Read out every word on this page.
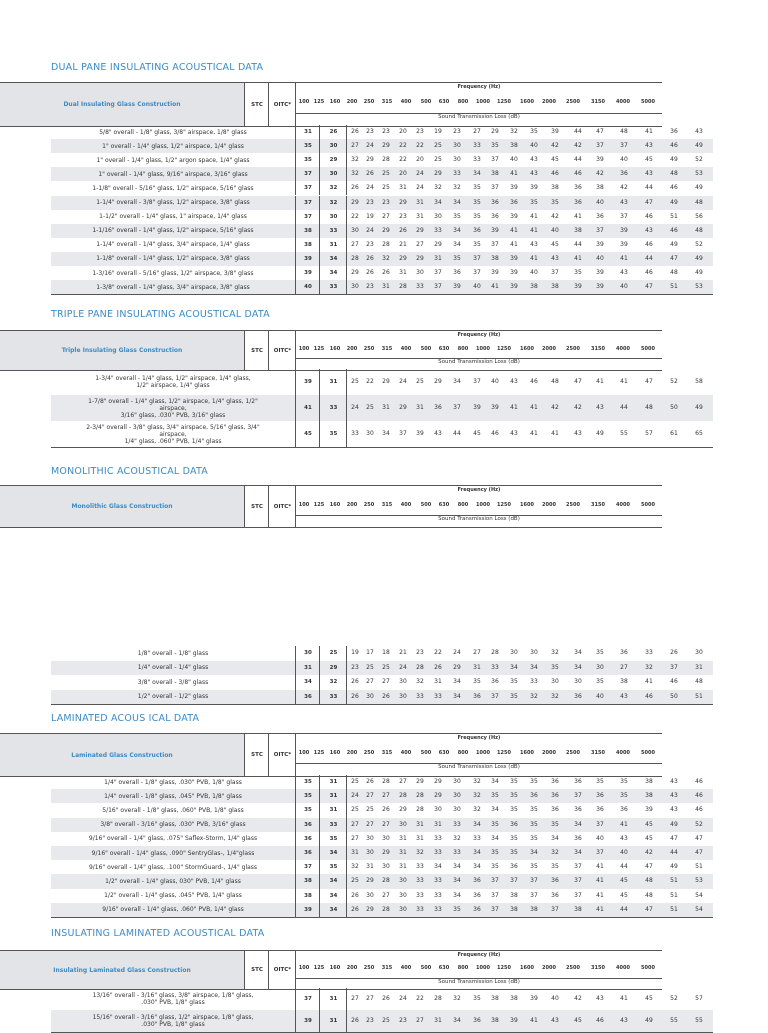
DUAL PANE INSULATING ACOUSTICAL DATA
Dual Insulating Glass Construction	STC	OITC*
Frequency (Hz)
100 125 160 200 250 315 400 500 630 800 1000 1250 1600 2000 2500 3150 4000 5000
Sound Transmission Loss (dB)
5/8" overall - 1/8" glass, 3/8" airspace, 1/8" glass	31	26	26 23 23 20 23 19 23 27 29 32 35 39	44 47	48	41	36	43
1" overall - 1/4" glass, 1/2" airspace, 1/4" glass	35	30	27 24 29 22 22 25 30 33 35 38 40 42	42 37	37	43	46	49
1" overall - 1/4" glass, 1/2" argon space, 1/4" glass	35	29	32 29 28 22 20 25 30 33 37 40 43 45	44 39	40	45	49	52
1" overall - 1/4" glass, 9/16" airspace, 3/16" glass	37	30	32 26 25 20 24 29 33 34 38 41 43 46	46 42	36	43	48	53
1-1/8" overall - 5/16" glass, 1/2" airspace, 5/16" glass	37	32	26 24 25 31 24 32 32 35 37 39 39 38	36 38	42	44	46	49
1-1/4" overall - 3/8" glass, 1/2" airspace, 3/8" glass	37	32	29 23 23 29 31 34 34 35 36 36 35 35	36 40	43	47	49	48
1-1/2" overall - 1/4" glass, 1" airspace, 1/4" glass	37	30	22 19 27 23 31 30 35 35 36 39 41 42	41 36	37	46	51	56
1-1/16" overall - 1/4" glass, 1/2" airspace, 5/16" glass	38	33	30 24 29 26 29 33 34 36 39 41 41 40	38 37	39	43	46	48
1-1/4" overall - 1/4" glass, 3/4" airspace, 1/4" glass	38	31	27 23 28 21 27 29 34 35 37 41 43 45	44 39	39	46	49	52
1-1/8" overall - 1/4" glass, 1/2" airspace, 3/8" glass	39	34	28 26 32 29 29 31 35 37 38 39 41 43	41 40	41	44	47	49
1-3/16" overall - 5/16" glass, 1/2" airspace, 3/8" glass	39	34	29 26 26 31 30 37 36 37 39 39 40 37	35 39	43	46	48	49
1-3/8" overall - 1/4" glass, 3/4" airspace, 3/8" glass	40	33	30 23 31 28 33 37 39 40 41 39 38 38	39 39	40	47	51	53
TRIPLE PANE INSULATING ACOUSTICAL DATA
Triple Insulating Glass Construction	STC	OITC*
Frequency (Hz)
100 125 160 200 250 315 400 500 630 800 1000 1250 1600 2000 2500 3150 4000 5000
Sound Transmission Loss (dB)
1-3/4" overall - 1/4" glass, 1/2" airspace, 1/4" glass,
1/2" airspace, 1/4" glass	39	31	25 22 29 24 25 29 34 37 40 43 46 48	47 41	41	47	52	58
1-7/8" overall - 1/4" glass, 1/2" airspace, 1/4" glass, 1/2"
airspace,
3/16" glass, .030" PVB, 3/16" glass
41	33	24 25 31 29 31 36 37 39 39 41 41 42	42 43	44	48	50	49
2-3/4" overall - 3/8" glass, 3/4" airspace, 5/16" glass, 3/4"
airspace,
1/4" glass, .060" PVB, 1/4" glass
45	35	33 30 34 37 39 43 44 45 46 43 41 41	43 49	55	57	61	65
MONOLITHIC ACOUSTICAL DATA
Monolithic Glass Construction	STC	OITC*
Frequency (Hz)
100 125 160 200 250 315 400 500 630 800 1000 1250 1600 2000 2500 3150 4000 5000
Sound Transmission Loss (dB)
1/8" overall - 1/8" glass	30	25	19 17 18 21 23 22 24 27 28 30 30 32	34 35	36	33	26	30
1/4" overall - 1/4" glass	31	29	23 25 25 24 28 26 29 31 33 34 34 35	34 30	27	32	37	31
3/8" overall - 3/8" glass	34	32	26 27 27 30 32 31 34 35 36 35 33 30	30 35	38	41	46	48
1/2" overall - 1/2" glass	36	33	26 30 26 30 33 33 34 36 37 35 32 32	36 40	43	46	50	51
LAMINATED ACOUS ICAL DATA
Laminated Glass Construction	STC	OITC*
Frequency (Hz)
100 125 160 200 250 315 400 500 630 800 1000 1250 1600 2000 2500 3150 4000 5000
Sound Transmission Loss (dB)
1/4" overall - 1/8" glass, .030" PVB, 1/8" glass	35	31	25 26 28 27 29 29 30 32 34 35 35 36	36 35	35	38	43	46
1/4" overall - 1/8" glass, .045" PVB, 1/8" glass	35	31	24 27 27 28 28 29 30 32 35 35 36 36	37 36	35	38	43	46
5/16" overall - 1/8" glass, .060" PVB, 1/8" glass	35	31	25 25 26 29 28 30 30 32 34 35 35 36	36 36	36	39	43	46
3/8" overall - 3/16" glass, .030" PVB, 3/16" glass	36	33	27 27 27 30 31 31 33 34 35 36 35 35	34 37	41	45	49	52
9/16" overall - 1/4" glass, .075" Saflex-Storm, 1/4" glass	36	35	27 30 30 31 31 33 32 33 34 35 35 34	36 40	43	45	47	47
9/16" overall - 1/4" glass, .090" SentryGlas-, 1/4"glass	36	34	31 30 29 31 32 33 33 34 35 35 34 32	34 37	40	42	44	47
9/16" overall - 1/4" glass, .100" StormGuard-, 1/4" glass	37	35	32 31 30 31 33 34 34 34 35 36 35 35	37 41	44	47	49	51
1/2" overall - 1/4" glass, 030" PVB, 1/4" glass	38	34	25 29 28 30 33 33 34 36 37 37 37 36	37 41	45	48	51	53
1/2" overall - 1/4" glass, .045" PVB, 1/4" glass	38	34	26 30 27 30 33 33 34 36 37 38 37 36	37 41	45	48	51	54
9/16" overall - 1/4" glass, .060" PVB, 1/4" glass	39	34	26 29 28 30 33 33 35 36 37 38 38 37	38 41	44	47	51	54
INSULATING LAMINATED ACOUSTICAL DATA
Insulating Laminated Glass Construction	STC	OITC*
Frequency (Hz)
100 125 160 200 250 315 400 500 630 800 1000 1250 1600 2000 2500 3150 4000 5000
Sound Transmission Loss (dB)
13/16" overall - 3/16" glass, 3/8" airspace, 1/8" glass,
.030" PVB, 1/8" glass	37	31	27 27 26 24 22 28 32 35 38 38 39 40	42 43	41	45	52	57
15/16" overall - 3/16" glass, 1/2" airspace, 1/8" glass,
.030" PVB, 1/8" glass	39	31	26 23 25 23 27 31 34 36 38 39 41 43	45 46	43	49	55	55
